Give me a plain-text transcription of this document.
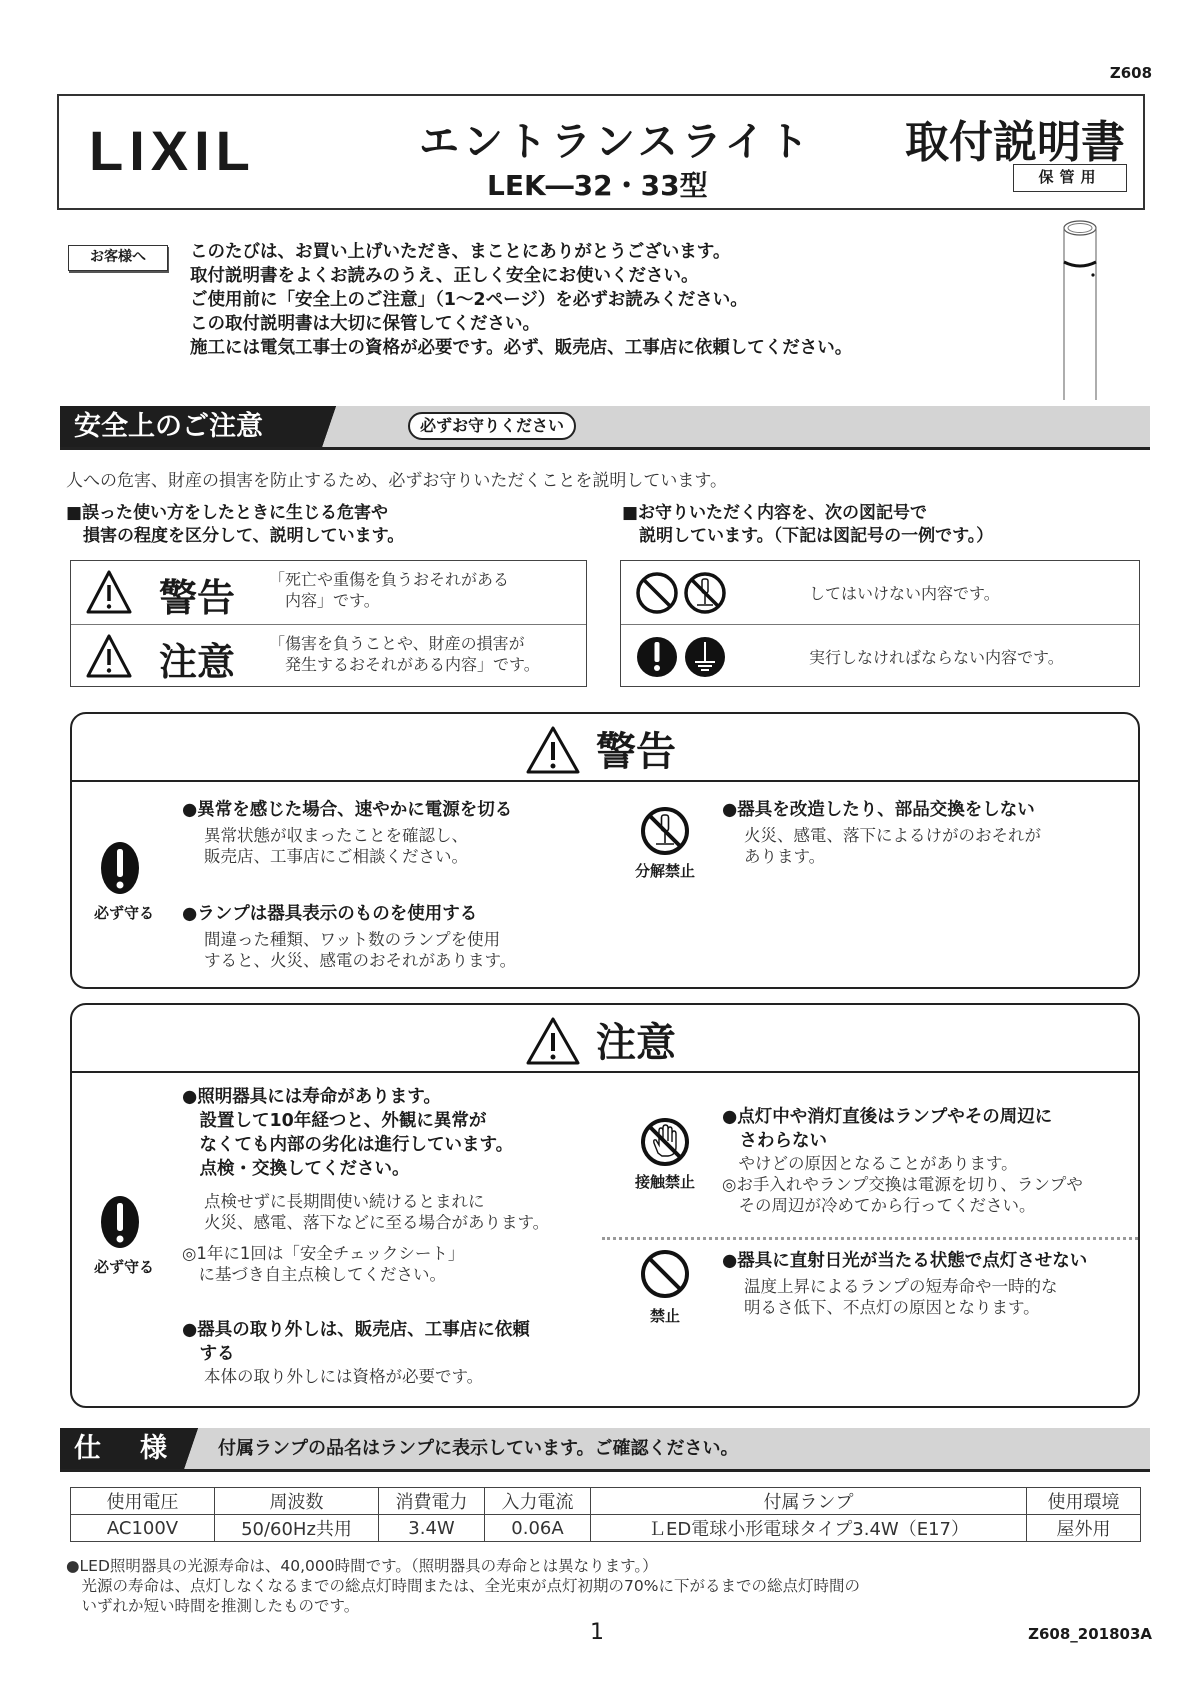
Z608
LIXIL	エントランスライト
LEK―32・33型
取付説明書
保管用
お客様へ	このたびは、お買い上げいただき、まことにありがとうございます。
取付説明書をよくお読みのうえ、正しく安全にお使いください。
ご使用前に「安全上のご注意」（1～2ページ）を必ずお読みください。
この取付説明書は大切に保管してください。
施工には電気工事士の資格が必要です。必ず、販売店、工事店に依頼してください。
安全上のご注意	必ずお守りください
人への危害、財産の損害を防止するため、必ずお守りいただくことを説明しています。
■誤った使い方をしたときに生じる危害や
　損害の程度を区分して、説明しています。
■お守りいただく内容を、次の図記号で
　説明しています。（下記は図記号の一例です。）
警告 「死亡や重傷を負うおそれがある
　内容」です。
注意 「傷害を負うことや、財産の損害が
　発生するおそれがある内容」です。
してはいけない内容です。
実行しなければならない内容です。
警告
必ず守る
●異常を感じた場合、速やかに電源を切る
異常状態が収まったことを確認し、
販売店、工事店にご相談ください。
●ランプは器具表示のものを使用する
間違った種類、ワット数のランプを使用
すると、火災、感電のおそれがあります。
分解禁止
●器具を改造したり、部品交換をしない
火災、感電、落下によるけがのおそれが
あります。
注意
必ず守る
●照明器具には寿命があります。
　設置して10年経つと、外観に異常が
　なくても内部の劣化は進行しています。
　点検・交換してください。
点検せずに長期間使い続けるとまれに
火災、感電、落下などに至る場合があります。
◎1年に1回は「安全チェックシート」
　に基づき自主点検してください。
●器具の取り外しは、販売店、工事店に依頼
　する
本体の取り外しには資格が必要です。
接触禁止
●点灯中や消灯直後はランプやその周辺に
　さわらない
　やけどの原因となることがあります。
◎お手入れやランプ交換は電源を切り、ランプや
　その周辺が冷めてから行ってください。
禁止
●器具に直射日光が当たる状態で点灯させない
温度上昇によるランプの短寿命や一時的な
明るさ低下、不点灯の原因となります。
仕　様	付属ランプの品名はランプに表示しています。ご確認ください。
使用電圧	周波数	消費電力	入力電流	付属ランプ	使用環境
AC100V	50/60Hz共用	3.4W	0.06A	ＬED電球小形電球タイプ3.4W（E17）	屋外用
●LED照明器具の光源寿命は、40,000時間です。（照明器具の寿命とは異なります。）
　光源の寿命は、点灯しなくなるまでの総点灯時間または、全光束が点灯初期の70%に下がるまでの総点灯時間の
　いずれか短い時間を推測したものです。
1	Z608_201803A
